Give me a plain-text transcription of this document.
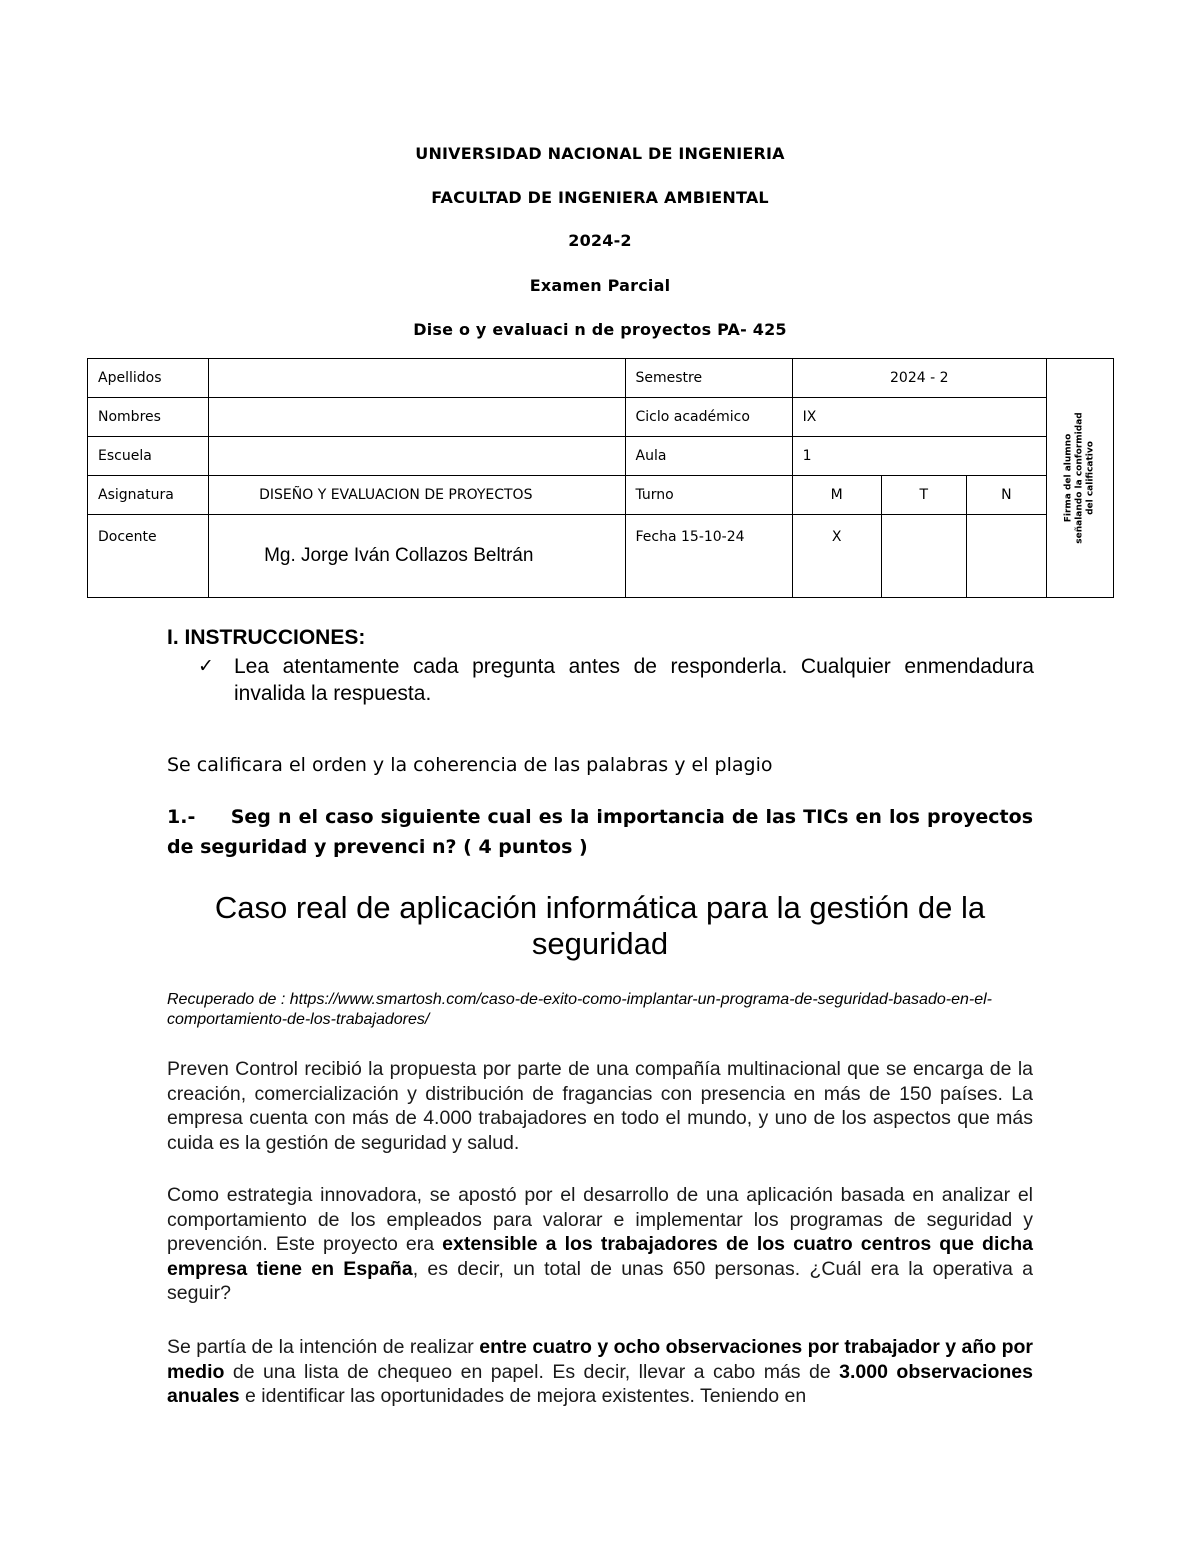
UNIVERSIDAD NACIONAL DE INGENIERIA
FACULTAD DE INGENIERA AMBIENTAL
2024-2
Examen Parcial
Dise o y evaluaci n de proyectos PA- 425
Apellidos		Semestre	2024 - 2			Firma del alumno
señalando la conformidad
del calificativo

Nombres		Ciclo académico	IX			
Escuela		Aula	1			
Asignatura	DISEÑO Y EVALUACION DE PROYECTOS	Turno	M	T	N	
Docente	Mg. Jorge Iván Collazos Beltrán	Fecha 15-10-24	X			
I. INSTRUCCIONES:
✓ Lea atentamente cada pregunta antes de responderla. Cualquier enmendadura invalida la respuesta.
Se calificara el orden y la coherencia de las palabras y el plagio
1.-     Seg n el caso siguiente cual es la importancia de las TICs en los proyectos de seguridad y prevenci n? ( 4 puntos )
Caso real de aplicación informática para la gestión de la seguridad
Recuperado de : https://www.smartosh.com/caso-de-exito-como-implantar-un-programa-de-seguridad-basado-en-el-comportamiento-de-los-trabajadores/
Preven Control recibió la propuesta por parte de una compañía multinacional que se encarga de la creación, comercialización y distribución de fragancias con presencia en más de 150 países. La empresa cuenta con más de 4.000 trabajadores en todo el mundo, y uno de los aspectos que más cuida es la gestión de seguridad y salud.
Como estrategia innovadora, se apostó por el desarrollo de una aplicación basada en analizar el comportamiento de los empleados para valorar e implementar los programas de seguridad y prevención. Este proyecto era extensible a los trabajadores de los cuatro centros que dicha empresa tiene en España, es decir, un total de unas 650 personas. ¿Cuál era la operativa a seguir?
Se partía de la intención de realizar entre cuatro y ocho observaciones por trabajador y año por medio de una lista de chequeo en papel. Es decir, llevar a cabo más de 3.000 observaciones anuales e identificar las oportunidades de mejora existentes. Teniendo en
